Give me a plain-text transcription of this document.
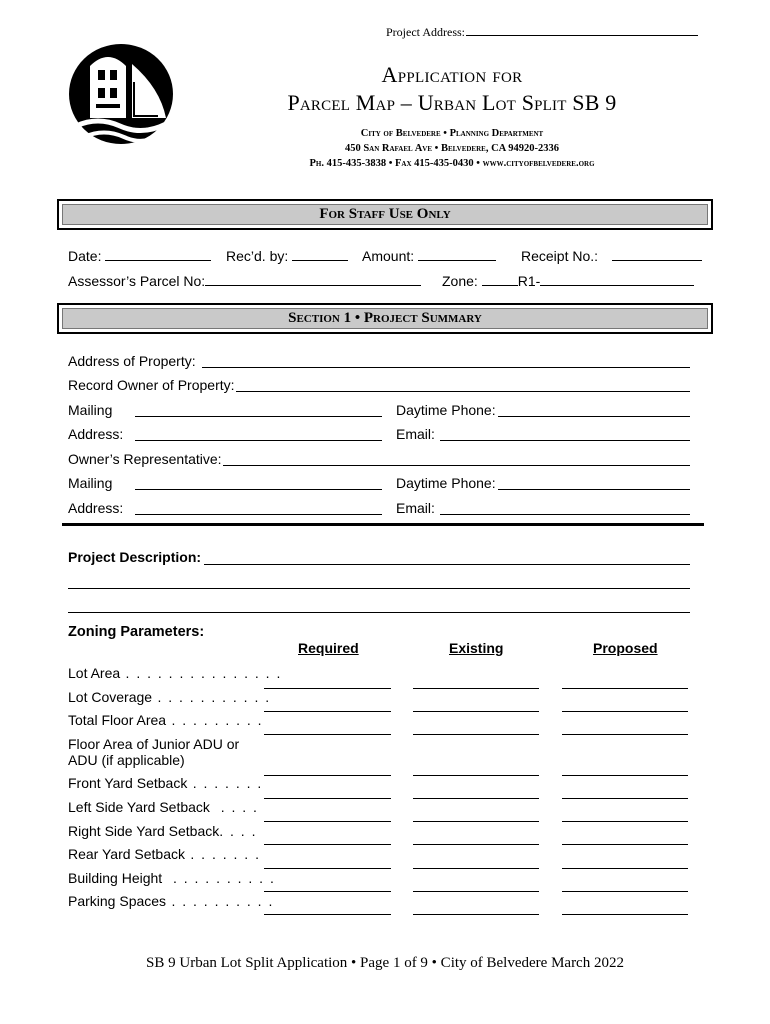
Project Address:
Application for
Parcel Map – Urban Lot Split SB 9
City of Belvedere • Planning Department
450 San Rafael Ave • Belvedere, CA 94920-2336
Ph. 415-435-3838 • Fax 415-435-0430 • www.cityofbelvedere.org
For Staff Use Only
Date:	Rec’d. by:	Amount:	Receipt No.:
Assessor’s Parcel No:	Zone:	R1-
Section 1 • Project Summary
Address of Property:
Record Owner of Property:
Mailing	Daytime Phone:
Address:	Email:
Owner’s Representative:
Mailing	Daytime Phone:
Address:	Email:
Project Description:
Zoning Parameters:
Required	Existing	Proposed
Lot Area . . . . . . . . . . . . . . .
Lot Coverage . . . . . . . . . . .
Total Floor Area . . . . . . . . .
Floor Area of Junior ADU or
ADU (if applicable)
Front Yard Setback . . . . . . .
Left Side Yard Setback  . . . .
Right Side Yard Setback. . . .
Rear Yard Setback . . . . . . .
Building Height  . . . . . . . . . .
Parking Spaces . . . . . . . . . .
SB 9 Urban Lot Split Application • Page 1 of 9 • City of Belvedere March 2022
